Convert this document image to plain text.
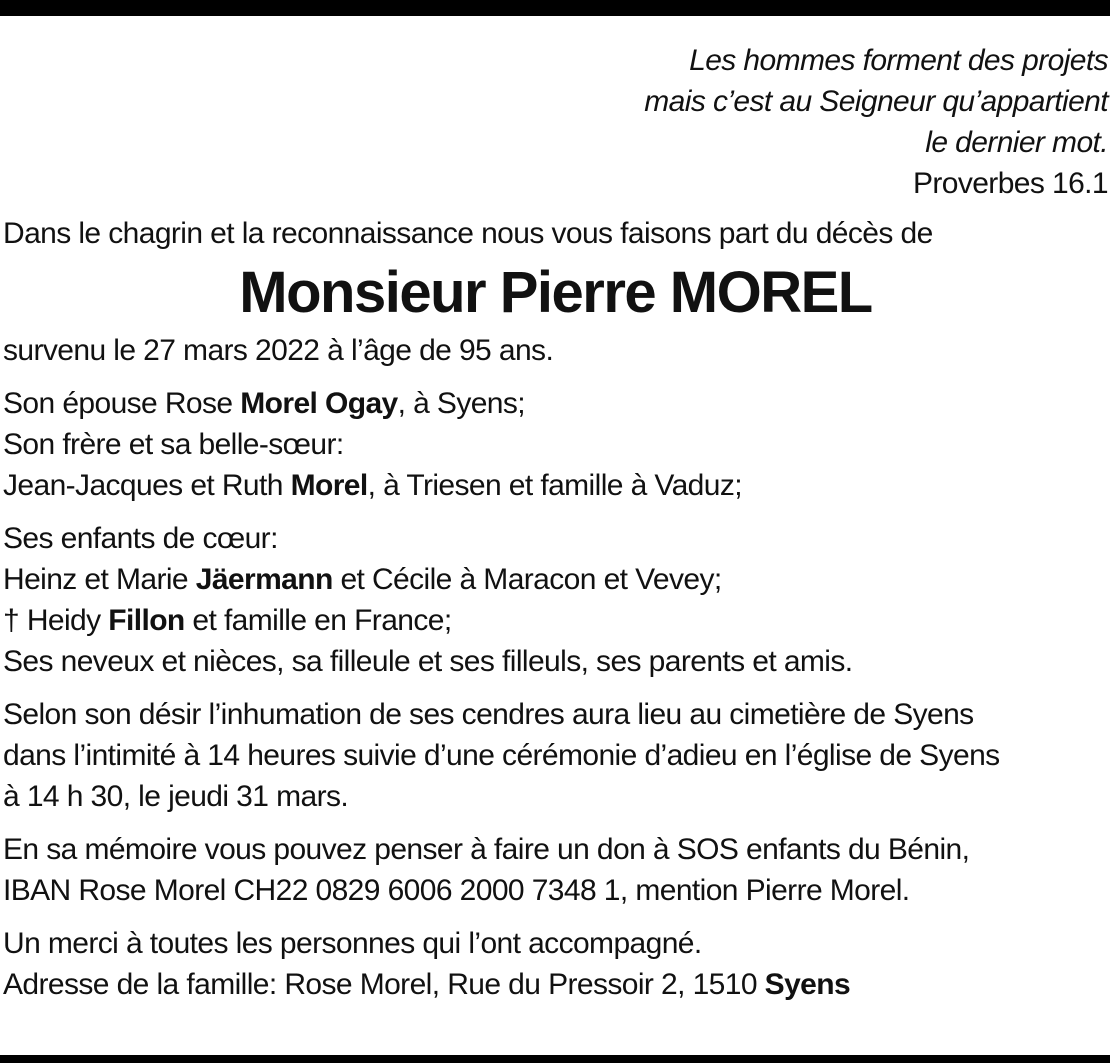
Les hommes forment des projets
mais c’est au Seigneur qu’appartient
le dernier mot.
Proverbes 16.1
Dans le chagrin et la reconnaissance nous vous faisons part du décès de
Monsieur Pierre MOREL
survenu le 27 mars 2022 à l’âge de 95 ans.
Son épouse Rose Morel Ogay, à Syens;
Son frère et sa belle-sœur:
Jean-Jacques et Ruth Morel, à Triesen et famille à Vaduz;
Ses enfants de cœur:
Heinz et Marie Jäermann et Cécile à Maracon et Vevey;
† Heidy Fillon et famille en France;
Ses neveux et nièces, sa filleule et ses filleuls, ses parents et amis.
Selon son désir l’inhumation de ses cendres aura lieu au cimetière de Syens
dans l’intimité à 14 heures suivie d’une cérémonie d’adieu en l’église de Syens
à 14 h 30, le jeudi 31 mars.
En sa mémoire vous pouvez penser à faire un don à SOS enfants du Bénin,
IBAN Rose Morel CH22 0829 6006 2000 7348 1, mention Pierre Morel.
Un merci à toutes les personnes qui l’ont accompagné.
Adresse de la famille: Rose Morel, Rue du Pressoir 2, 1510 Syens
